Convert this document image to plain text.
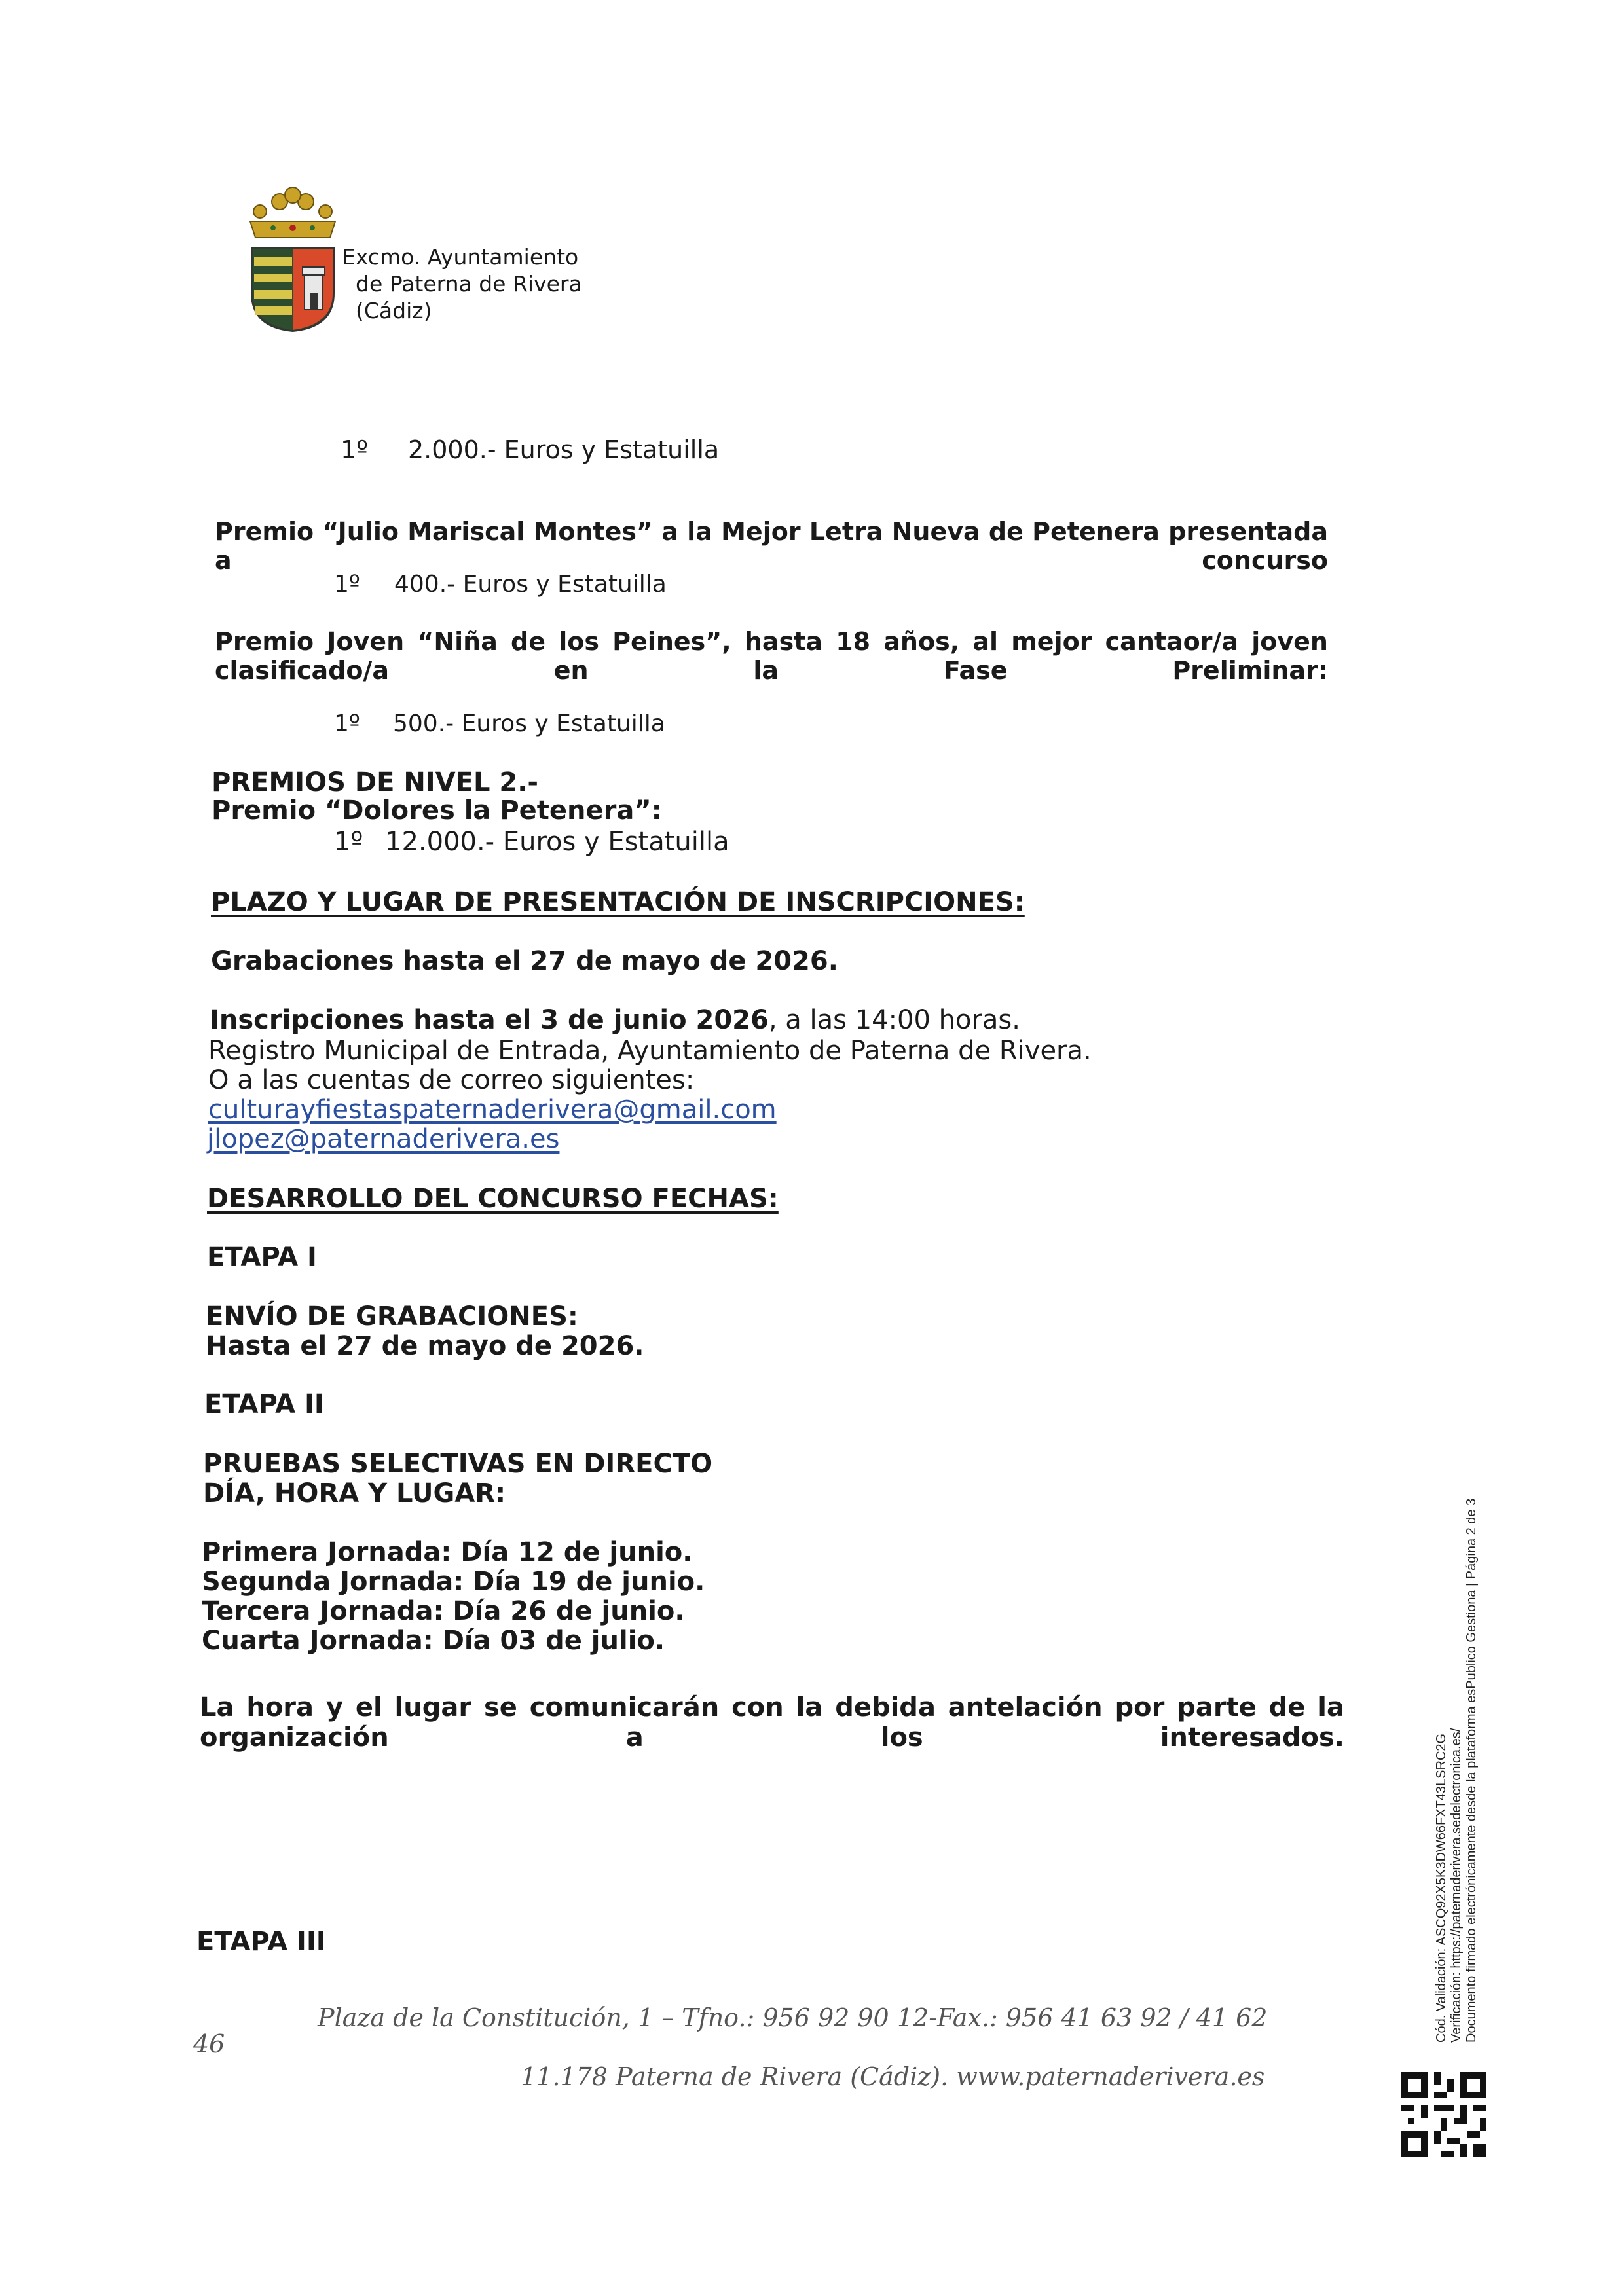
Excmo. Ayuntamiento
de Paterna de Rivera
(Cádiz)
1º 2.000.- Euros y Estatuilla
Premio “Julio Mariscal Montes” a la Mejor Letra Nueva de Petenera presentada a concurso
1º 400.- Euros y Estatuilla
Premio Joven “Niña de los Peines”, hasta 18 años, al mejor cantaor/a joven clasificado/a en la Fase Preliminar:
1º 500.- Euros y Estatuilla
PREMIOS DE NIVEL 2.-
Premio “Dolores la Petenera”:
1º 12.000.- Euros y Estatuilla
PLAZO Y LUGAR DE PRESENTACIÓN DE INSCRIPCIONES:
Grabaciones hasta el 27 de mayo de 2026.
Inscripciones hasta el 3 de junio 2026, a las 14:00 horas.
Registro Municipal de Entrada, Ayuntamiento de Paterna de Rivera.
O a las cuentas de correo siguientes:
culturayfiestaspaternaderivera@gmail.com
jlopez@paternaderivera.es
DESARROLLO DEL CONCURSO FECHAS:
ETAPA I
ENVÍO DE GRABACIONES:
Hasta el 27 de mayo de 2026.
ETAPA II
PRUEBAS SELECTIVAS EN DIRECTO
DÍA, HORA Y LUGAR:
Primera Jornada: Día 12 de junio.
Segunda Jornada: Día 19 de junio.
Tercera Jornada: Día 26 de junio.
Cuarta Jornada: Día 03 de julio.
La hora y el lugar se comunicarán con la debida antelación por parte de la organización a los interesados.
ETAPA III
46
Plaza de la Constitución, 1 – Tfno.: 956 92 90 12-Fax.: 956 41 63 92 / 41 62
11.178 Paterna de Rivera (Cádiz). www.paternaderivera.es
Cód. Validación: ASCQ92X5K3DW66FXT43LSRC2G Verificación: https://paternaderivera.sedelectronica.es/ Documento firmado electrónicamente desde la plataforma esPublico Gestiona | Página 2 de 3
